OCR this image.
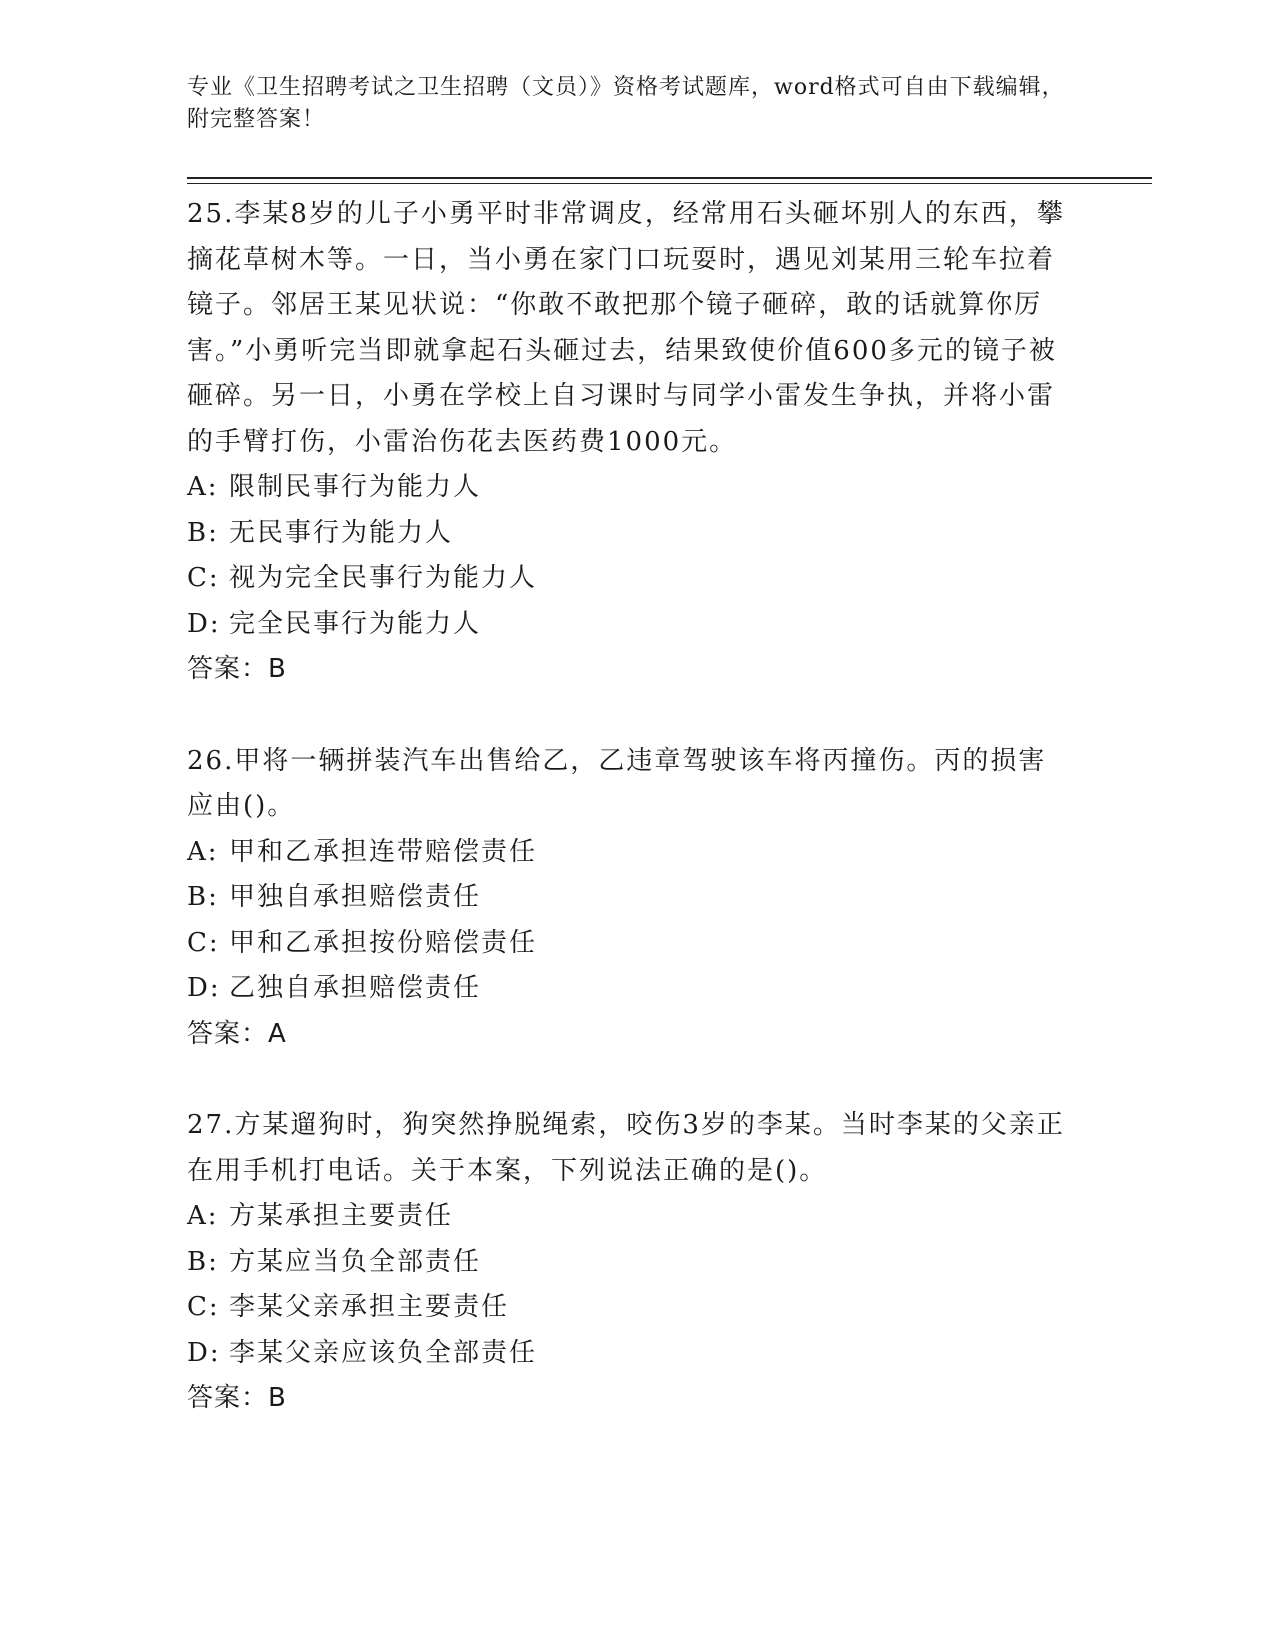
专业《卫生招聘考试之卫生招聘（文员）》资格考试题库，word格式可自由下载编辑，附完整答案！
25.李某8岁的儿子小勇平时非常调皮，经常用石头砸坏别人的东西，攀摘花草树木等。一日，当小勇在家门口玩耍时，遇见刘某用三轮车拉着镜子。邻居王某见状说：“你敢不敢把那个镜子砸碎，敢的话就算你厉害。”小勇听完当即就拿起石头砸过去，结果致使价值600多元的镜子被砸碎。另一日，小勇在学校上自习课时与同学小雷发生争执，并将小雷的手臂打伤，小雷治伤花去医药费1000元。
A: 限制民事行为能力人
B: 无民事行为能力人
C: 视为完全民事行为能力人
D: 完全民事行为能力人
答案：B
26.甲将一辆拼装汽车出售给乙，乙违章驾驶该车将丙撞伤。丙的损害应由()。
A: 甲和乙承担连带赔偿责任
B: 甲独自承担赔偿责任
C: 甲和乙承担按份赔偿责任
D: 乙独自承担赔偿责任
答案：A
27.方某遛狗时，狗突然挣脱绳索，咬伤3岁的李某。当时李某的父亲正在用手机打电话。关于本案，下列说法正确的是()。
A: 方某承担主要责任
B: 方某应当负全部责任
C: 李某父亲承担主要责任
D: 李某父亲应该负全部责任
答案：B
